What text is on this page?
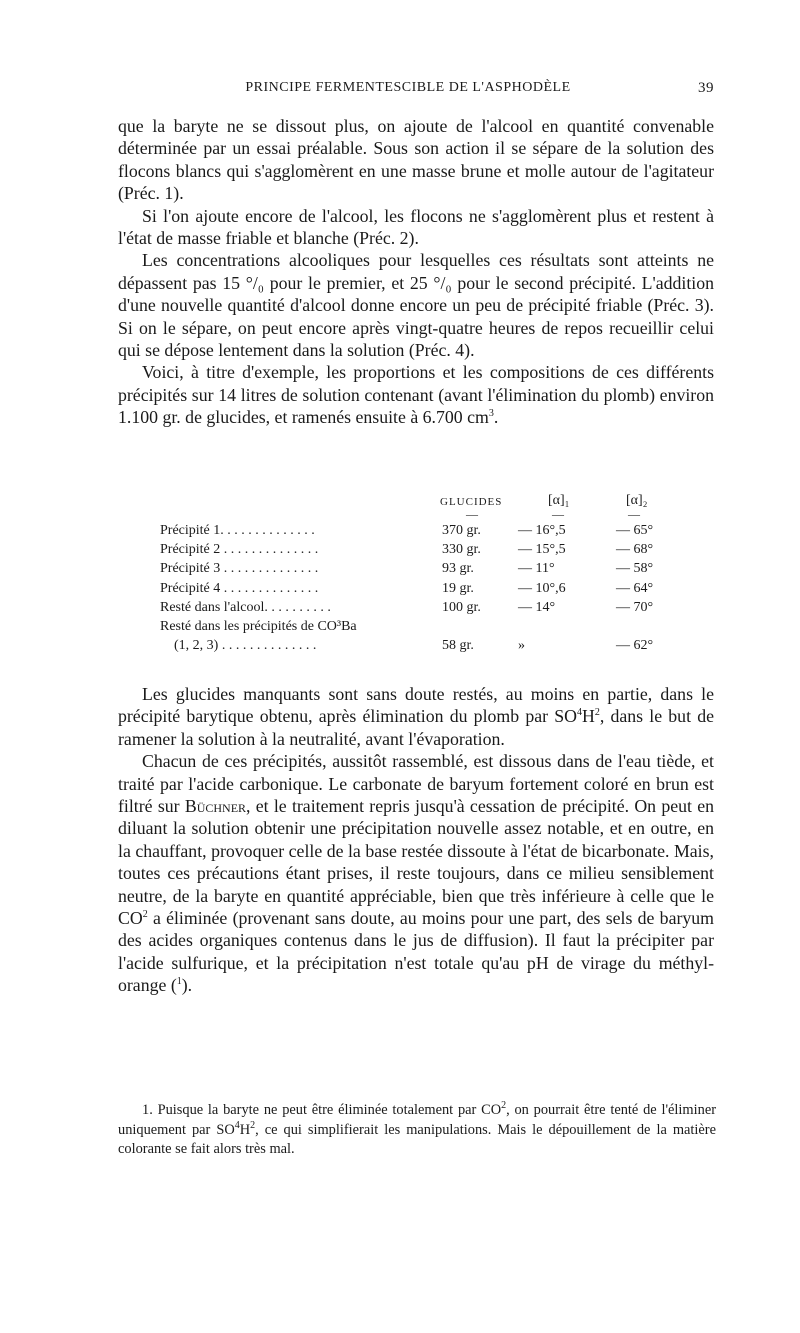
PRINCIPE FERMENTESCIBLE DE L'ASPHODÈLE	39

que la baryte ne se dissout plus, on ajoute de l'alcool en quantité convenable déterminée par un essai préalable. Sous son action il se sépare de la solution des flocons blancs qui s'agglomèrent en une masse brune et molle autour de l'agitateur (Préc. 1).

Si l'on ajoute encore de l'alcool, les flocons ne s'agglomèrent plus et restent à l'état de masse friable et blanche (Préc. 2).

Les concentrations alcooliques pour lesquelles ces résultats sont atteints ne dépassent pas 15 °/₀ pour le premier, et 25 °/₀ pour le second précipité. L'addition d'une nouvelle quantité d'alcool donne encore un peu de précipité friable (Préc. 3). Si on le sépare, on peut encore après vingt-quatre heures de repos recueillir celui qui se dépose lentement dans la solution (Préc. 4).

Voici, à titre d'exemple, les proportions et les compositions de ces différents précipités sur 14 litres de solution contenant (avant l'élimination du plomb) environ 1.100 gr. de glucides, et ramenés ensuite à 6.700 $cm^3$.

GLUCIDES	[α]₁	[α]₂
—	—	—
Précipité 1. . . . . . . . . . . . . .	370 gr.	— 16°,5	— 65°
Précipité 2 . . . . . . . . . . . . . .	330 gr.	— 15°,5	— 68°
Précipité 3 . . . . . . . . . . . . . .	93 gr.	— 11°	— 58°
Précipité 4 . . . . . . . . . . . . . .	19 gr.	— 10°,6	— 64°
Resté dans l'alcool. . . . . . . . . .	100 gr.	— 14°	— 70°
Resté dans les précipités de CO³Ba
(1, 2, 3) . . . . . . . . . . . . . .	58 gr.	»	— 62°

Les glucides manquants sont sans doute restés, au moins en partie, dans le précipité barytique obtenu, après élimination du plomb par $SO^4H^2$, dans le but de ramener la solution à la neutralité, avant l'évaporation.

Chacun de ces précipités, aussitôt rassemblé, est dissous dans de l'eau tiède, et traité par l'acide carbonique. Le carbonate de baryum fortement coloré en brun est filtré sur Büchner, et le traitement repris jusqu'à cessation de précipité. On peut en diluant la solution obtenir une précipitation nouvelle assez notable, et en outre, en la chauffant, provoquer celle de la base restée dissoute à l'état de bicarbonate. Mais, toutes ces précautions étant prises, il reste toujours, dans ce milieu sensiblement neutre, de la baryte en quantité appréciable, bien que très inférieure à celle que le $CO^2$ a éliminée (provenant sans doute, au moins pour une part, des sels de baryum des acides organiques contenus dans le jus de diffusion). Il faut la précipiter par l'acide sulfurique, et la précipitation n'est totale qu'au pH de virage du méthyl-orange ($^1$).

1. Puisque la baryte ne peut être éliminée totalement par $CO^2$, on pourrait être tenté de l'éliminer uniquement par $SO^4H^2$, ce qui simplifierait les manipulations. Mais le dépouillement de la matière colorante se fait alors très mal.
